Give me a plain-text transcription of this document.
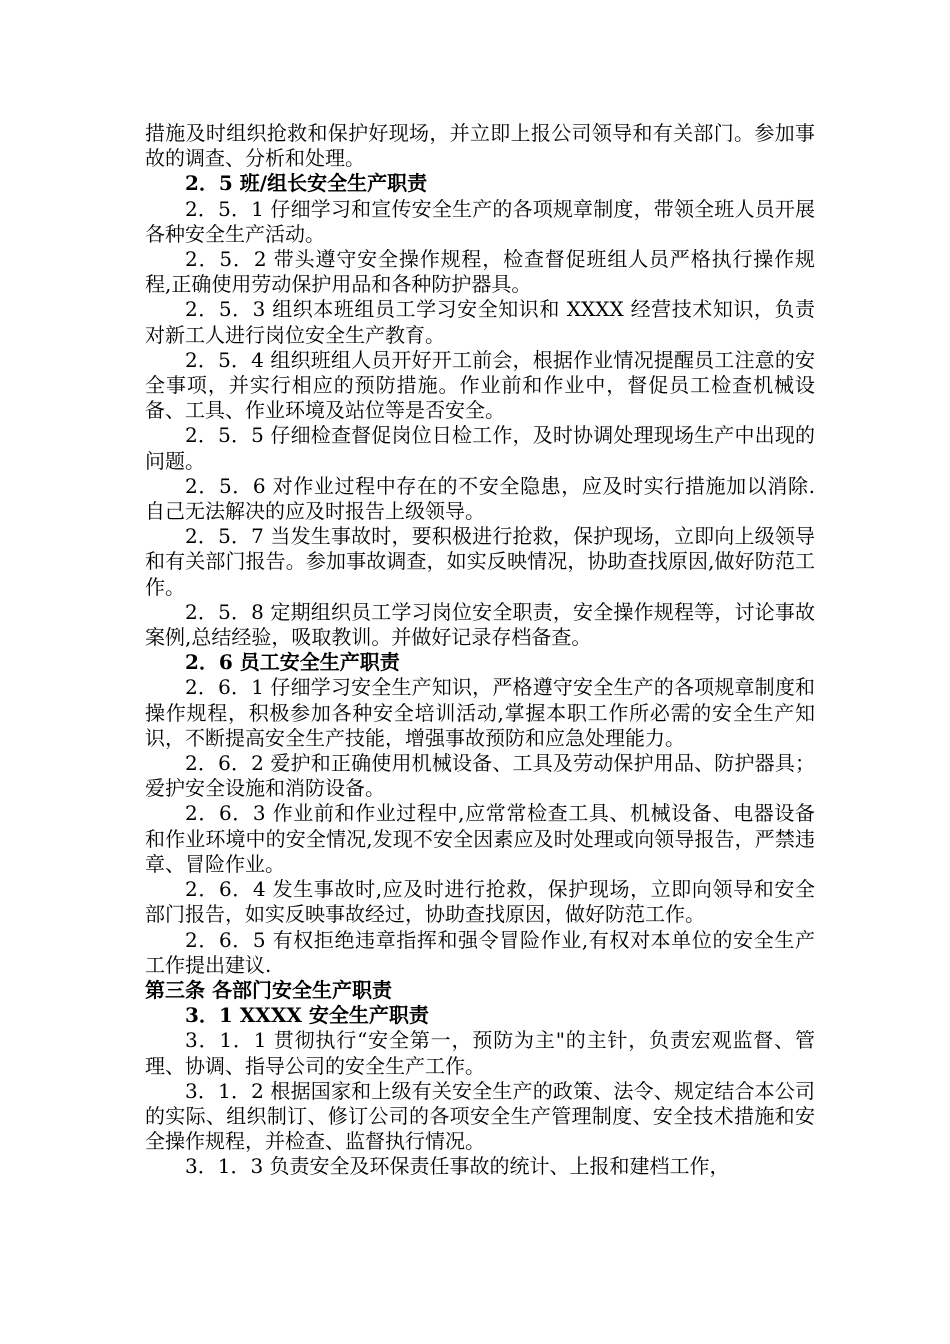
措施及时组织抢救和保护好现场，并立即上报公司领导和有关部门。参加事故的调查、分析和处理。

2．5 班/组长安全生产职责

2．5．1 仔细学习和宣传安全生产的各项规章制度，带领全班人员开展各种安全生产活动。

2．5．2 带头遵守安全操作规程，检查督促班组人员严格执行操作规程,正确使用劳动保护用品和各种防护器具。

2．5．3 组织本班组员工学习安全知识和 XXXX 经营技术知识，负责对新工人进行岗位安全生产教育。

2．5．4 组织班组人员开好开工前会，根据作业情况提醒员工注意的安全事项，并实行相应的预防措施。作业前和作业中，督促员工检查机械设备、工具、作业环境及站位等是否安全。

2．5．5 仔细检查督促岗位日检工作，及时协调处理现场生产中出现的问题。

2．5．6 对作业过程中存在的不安全隐患，应及时实行措施加以消除.自己无法解决的应及时报告上级领导。

2．5．7 当发生事故时，要积极进行抢救，保护现场，立即向上级领导和有关部门报告。参加事故调查，如实反映情况，协助查找原因,做好防范工作。

2．5．8 定期组织员工学习岗位安全职责，安全操作规程等，讨论事故案例,总结经验，吸取教训。并做好记录存档备查。

2．6 员工安全生产职责

2．6．1 仔细学习安全生产知识，严格遵守安全生产的各项规章制度和操作规程，积极参加各种安全培训活动,掌握本职工作所必需的安全生产知识，不断提高安全生产技能，增强事故预防和应急处理能力。

2．6．2 爱护和正确使用机械设备、工具及劳动保护用品、防护器具；爱护安全设施和消防设备。

2．6．3 作业前和作业过程中,应常常检查工具、机械设备、电器设备和作业环境中的安全情况,发现不安全因素应及时处理或向领导报告，严禁违章、冒险作业。

2．6．4 发生事故时,应及时进行抢救，保护现场，立即向领导和安全部门报告，如实反映事故经过，协助查找原因，做好防范工作。

2．6．5 有权拒绝违章指挥和强令冒险作业,有权对本单位的安全生产工作提出建议.

第三条 各部门安全生产职责

3．1 XXXX 安全生产职责

3．1．1 贯彻执行“安全第一，预防为主"的主针，负责宏观监督、管理、协调、指导公司的安全生产工作。

3．1．2 根据国家和上级有关安全生产的政策、法令、规定结合本公司的实际、组织制订、修订公司的各项安全生产管理制度、安全技术措施和安全操作规程，并检查、监督执行情况。

3．1．3 负责安全及环保责任事故的统计、上报和建档工作，
